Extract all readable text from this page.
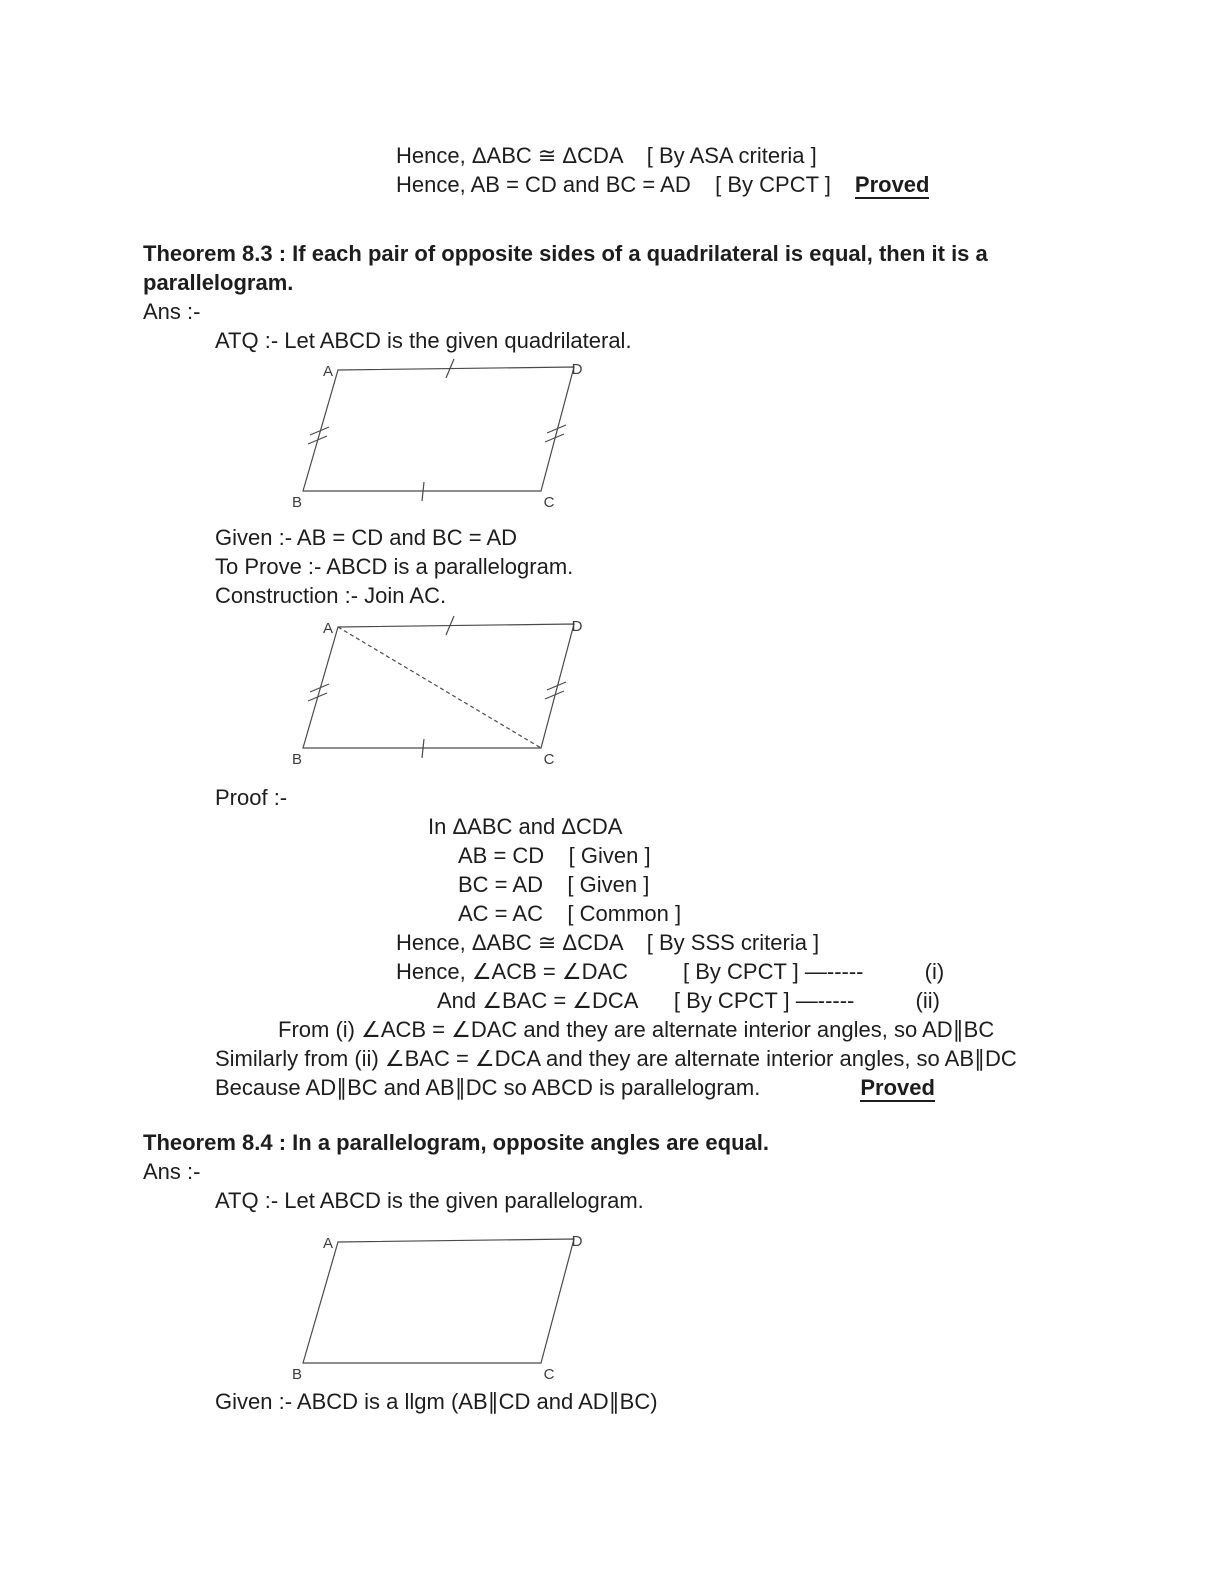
Hence, ΔABC ≅ ΔCDA    [ By ASA criteria ]
Hence, AB = CD and BC = AD    [ By CPCT ] Proved
Theorem 8.3 : If each pair of opposite sides of a quadrilateral is equal, then it is a
parallelogram.
Ans :-
ATQ :- Let ABCD is the given quadrilateral.
A	D
B	C
Given :- AB = CD and BC = AD
To Prove :- ABCD is a parallelogram.
Construction :- Join AC.
A	D
B	C
Proof :-
In ΔABC and ΔCDA
AB = CD    [ Given ]
BC = AD    [ Given ]
AC = AC    [ Common ]
Hence, ΔABC ≅ ΔCDA    [ By SSS criteria ]
Hence, ∠ACB = ∠DAC         [ By CPCT ] —-----          (i)
And ∠BAC = ∠DCA      [ By CPCT ] —-----          (ii)
From (i) ∠ACB = ∠DAC and they are alternate interior angles, so AD∥BC
Similarly from (ii) ∠BAC = ∠DCA and they are alternate interior angles, so AB∥DC
Because AD∥BC and AB∥DC so ABCD is parallelogram.	Proved
Theorem 8.4 : In a parallelogram, opposite angles are equal.
Ans :-
ATQ :- Let ABCD is the given parallelogram.
A	D
B	C
Given :- ABCD is a llgm (AB∥CD and AD∥BC)
